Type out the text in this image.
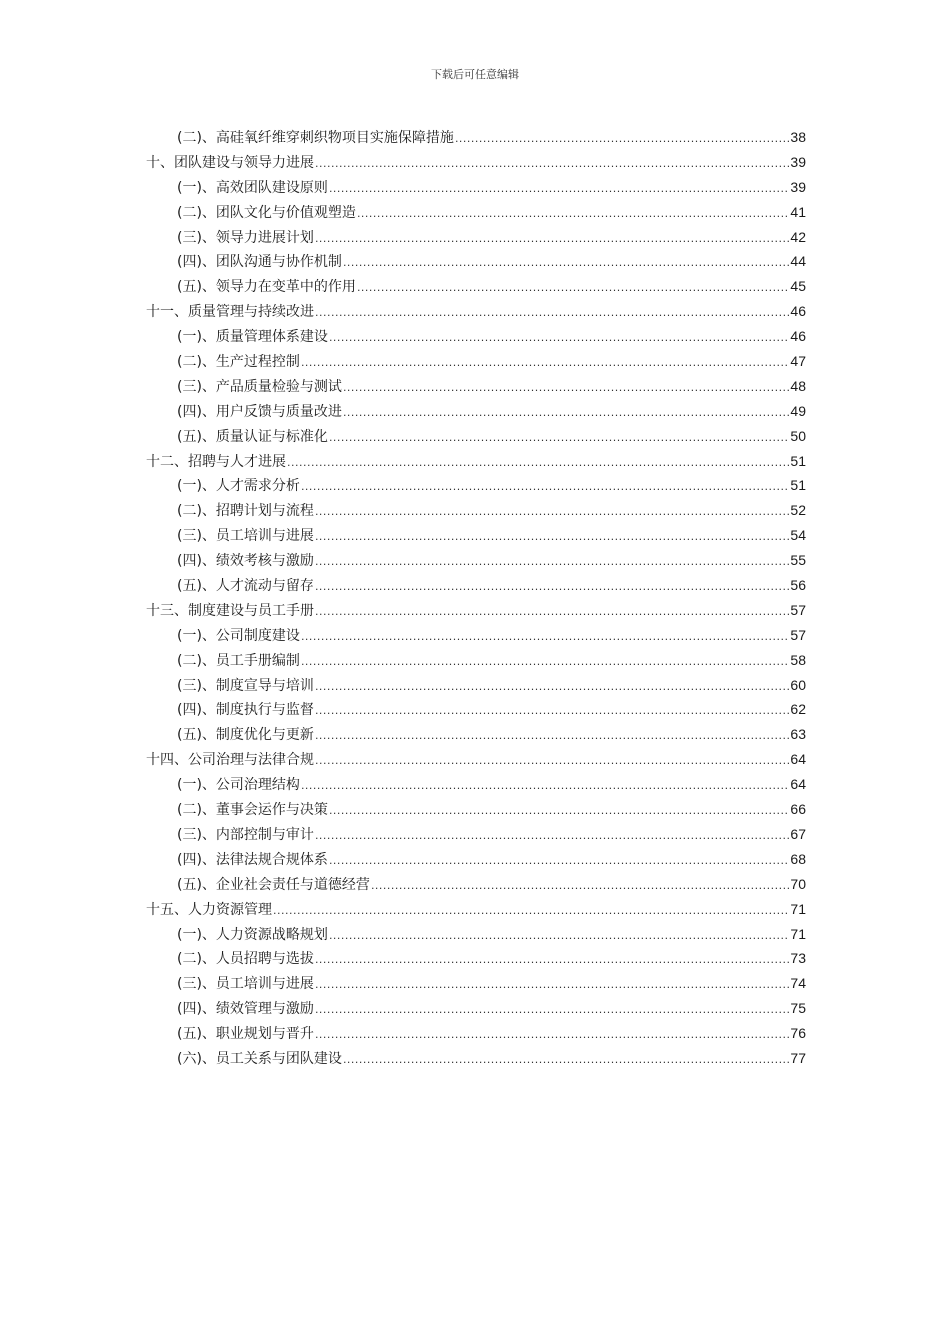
下载后可任意编辑
(二)、高硅氧纤维穿刺织物项目实施保障措施 .....	38
十、团队建设与领导力进展 .....	39
(一)、高效团队建设原则 .....	39
(二)、团队文化与价值观塑造 .....	41
(三)、领导力进展计划 .....	42
(四)、团队沟通与协作机制 .....	44
(五)、领导力在变革中的作用 .....	45
十一、质量管理与持续改进 .....	46
(一)、质量管理体系建设 .....	46
(二)、生产过程控制 .....	47
(三)、产品质量检验与测试 .....	48
(四)、用户反馈与质量改进 .....	49
(五)、质量认证与标准化 .....	50
十二、招聘与人才进展 .....	51
(一)、人才需求分析 .....	51
(二)、招聘计划与流程 .....	52
(三)、员工培训与进展 .....	54
(四)、绩效考核与激励 .....	55
(五)、人才流动与留存 .....	56
十三、制度建设与员工手册 .....	57
(一)、公司制度建设 .....	57
(二)、员工手册编制 .....	58
(三)、制度宣导与培训 .....	60
(四)、制度执行与监督 .....	62
(五)、制度优化与更新 .....	63
十四、公司治理与法律合规 .....	64
(一)、公司治理结构 .....	64
(二)、董事会运作与决策 .....	66
(三)、内部控制与审计 .....	67
(四)、法律法规合规体系 .....	68
(五)、企业社会责任与道德经营 .....	70
十五、人力资源管理 .....	71
(一)、人力资源战略规划 .....	71
(二)、人员招聘与选拔 .....	73
(三)、员工培训与进展 .....	74
(四)、绩效管理与激励 .....	75
(五)、职业规划与晋升 .....	76
(六)、员工关系与团队建设 .....	77
